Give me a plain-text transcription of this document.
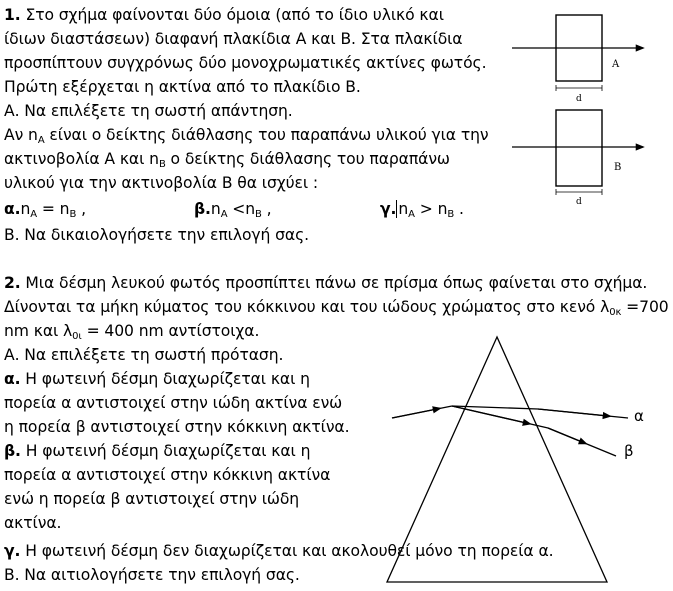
1. Στο σχήμα φαίνονται δύο όμοια (από το ίδιο υλικό και
ίδιων διαστάσεων) διαφανή πλακίδια Α και Β. Στα πλακίδια
προσπίπτουν συγχρόνως δύο μονοχρωματικές ακτίνες φωτός.
Πρώτη εξέρχεται η ακτίνα από το πλακίδιο Β.
Α. Να επιλέξετε τη σωστή απάντηση.
Αν $n_A$ είναι ο δείκτης διάθλασης του παραπάνω υλικού για την
ακτινοβολία Α και $n_B$ ο δείκτης διάθλασης του παραπάνω
υλικού για την ακτινοβολία Β θα ισχύει :
$\alpha.n_A = n_B$ ,	$\beta.n_A <n_B$ ,	γ. $n_A > n_B$ .
Β. Να δικαιολογήσετε την επιλογή σας.
2. Μια δέσμη λευκού φωτός προσπίπτει πάνω σε πρίσμα όπως φαίνεται στο σχήμα.
Δίνονται τα μήκη κύματος του κόκκινου και του ιώδους χρώματος στο κενό $\lambda_{0\kappa} =700$
nm και $\lambda_{0\iota} = 400$ nm αντίστοιχα.
Α. Να επιλέξετε τη σωστή πρόταση.
α. Η φωτεινή δέσμη διαχωρίζεται και η
πορεία α αντιστοιχεί στην ιώδη ακτίνα ενώ
η πορεία β αντιστοιχεί στην κόκκινη ακτίνα.
β. Η φωτεινή δέσμη διαχωρίζεται και η
πορεία α αντιστοιχεί στην κόκκινη ακτίνα
ενώ η πορεία β αντιστοιχεί στην ιώδη
ακτίνα.
γ. Η φωτεινή δέσμη δεν διαχωρίζεται και ακολουθεί μόνο τη πορεία α.
Β. Να αιτιολογήσετε την επιλογή σας.
A
d
B
d
α
β
